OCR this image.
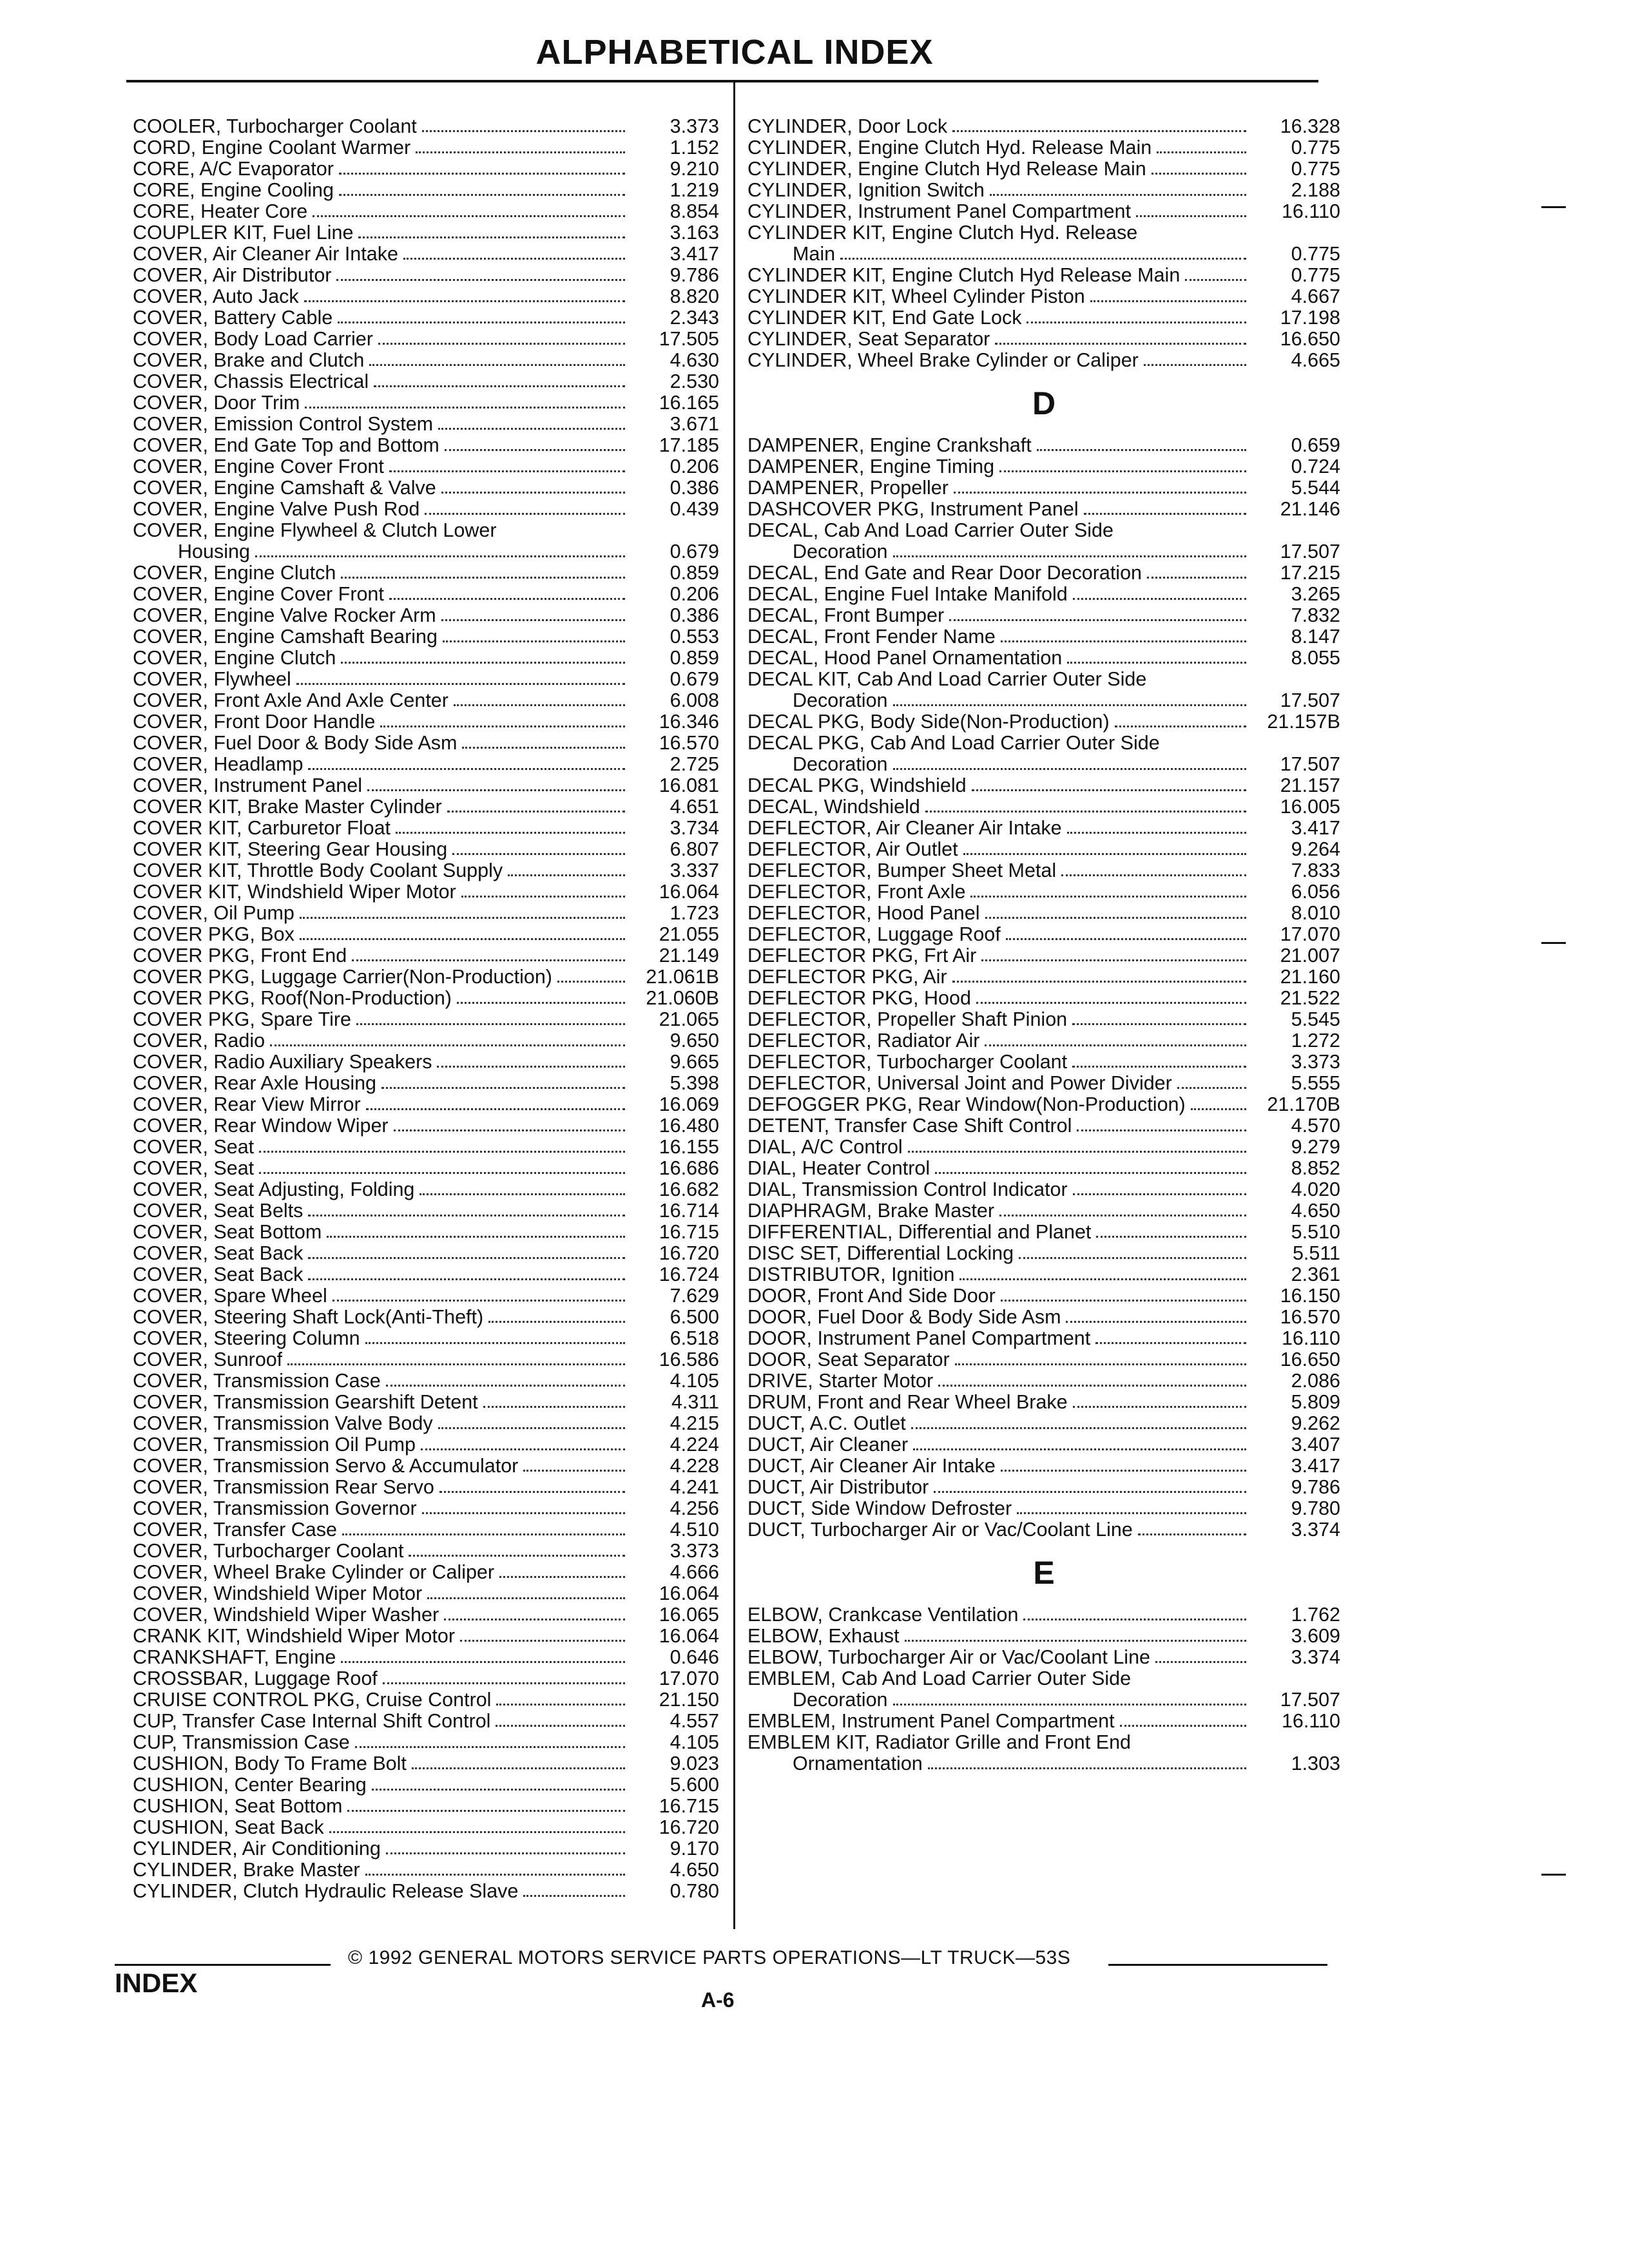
ALPHABETICAL INDEX
COOLER, Turbocharger Coolant	3.373
CORD, Engine Coolant Warmer	1.152
CORE, A/C Evaporator	9.210
CORE, Engine Cooling	1.219
CORE, Heater Core	8.854
COUPLER KIT, Fuel Line	3.163
COVER, Air Cleaner Air Intake	3.417
COVER, Air Distributor	9.786
COVER, Auto Jack	8.820
COVER, Battery Cable	2.343
COVER, Body Load Carrier	17.505
COVER, Brake and Clutch	4.630
COVER, Chassis Electrical	2.530
COVER, Door Trim	16.165
COVER, Emission Control System	3.671
COVER, End Gate Top and Bottom	17.185
COVER, Engine Cover Front	0.206
COVER, Engine Camshaft & Valve	0.386
COVER, Engine Valve Push Rod	0.439
COVER, Engine Flywheel & Clutch Lower
Housing	0.679
COVER, Engine Clutch	0.859
COVER, Engine Cover Front	0.206
COVER, Engine Valve Rocker Arm	0.386
COVER, Engine Camshaft Bearing	0.553
COVER, Engine Clutch	0.859
COVER, Flywheel	0.679
COVER, Front Axle And Axle Center	6.008
COVER, Front Door Handle	16.346
COVER, Fuel Door & Body Side Asm	16.570
COVER, Headlamp	2.725
COVER, Instrument Panel	16.081
COVER KIT, Brake Master Cylinder	4.651
COVER KIT, Carburetor Float	3.734
COVER KIT, Steering Gear Housing	6.807
COVER KIT, Throttle Body Coolant Supply	3.337
COVER KIT, Windshield Wiper Motor	16.064
COVER, Oil Pump	1.723
COVER PKG, Box	21.055
COVER PKG, Front End	21.149
COVER PKG, Luggage Carrier(Non-Production)	21.061B
COVER PKG, Roof(Non-Production)	21.060B
COVER PKG, Spare Tire	21.065
COVER, Radio	9.650
COVER, Radio Auxiliary Speakers	9.665
COVER, Rear Axle Housing	5.398
COVER, Rear View Mirror	16.069
COVER, Rear Window Wiper	16.480
COVER, Seat	16.155
COVER, Seat	16.686
COVER, Seat Adjusting, Folding	16.682
COVER, Seat Belts	16.714
COVER, Seat Bottom	16.715
COVER, Seat Back	16.720
COVER, Seat Back	16.724
COVER, Spare Wheel	7.629
COVER, Steering Shaft Lock(Anti-Theft)	6.500
COVER, Steering Column	6.518
COVER, Sunroof	16.586
COVER, Transmission Case	4.105
COVER, Transmission Gearshift Detent	4.311
COVER, Transmission Valve Body	4.215
COVER, Transmission Oil Pump	4.224
COVER, Transmission Servo & Accumulator	4.228
COVER, Transmission Rear Servo	4.241
COVER, Transmission Governor	4.256
COVER, Transfer Case	4.510
COVER, Turbocharger Coolant	3.373
COVER, Wheel Brake Cylinder or Caliper	4.666
COVER, Windshield Wiper Motor	16.064
COVER, Windshield Wiper Washer	16.065
CRANK KIT, Windshield Wiper Motor	16.064
CRANKSHAFT, Engine	0.646
CROSSBAR, Luggage Roof	17.070
CRUISE CONTROL PKG, Cruise Control	21.150
CUP, Transfer Case Internal Shift Control	4.557
CUP, Transmission Case	4.105
CUSHION, Body To Frame Bolt	9.023
CUSHION, Center Bearing	5.600
CUSHION, Seat Bottom	16.715
CUSHION, Seat Back	16.720
CYLINDER, Air Conditioning	9.170
CYLINDER, Brake Master	4.650
CYLINDER, Clutch Hydraulic Release Slave	0.780
CYLINDER, Door Lock	16.328
CYLINDER, Engine Clutch Hyd. Release Main	0.775
CYLINDER, Engine Clutch Hyd Release Main	0.775
CYLINDER, Ignition Switch	2.188
CYLINDER, Instrument Panel Compartment	16.110
CYLINDER KIT, Engine Clutch Hyd. Release
Main	0.775
CYLINDER KIT, Engine Clutch Hyd Release Main	0.775
CYLINDER KIT, Wheel Cylinder Piston	4.667
CYLINDER KIT, End Gate Lock	17.198
CYLINDER, Seat Separator	16.650
CYLINDER, Wheel Brake Cylinder or Caliper	4.665
D
DAMPENER, Engine Crankshaft	0.659
DAMPENER, Engine Timing	0.724
DAMPENER, Propeller	5.544
DASHCOVER PKG, Instrument Panel	21.146
DECAL, Cab And Load Carrier Outer Side
Decoration	17.507
DECAL, End Gate and Rear Door Decoration	17.215
DECAL, Engine Fuel Intake Manifold	3.265
DECAL, Front Bumper	7.832
DECAL, Front Fender Name	8.147
DECAL, Hood Panel Ornamentation	8.055
DECAL KIT, Cab And Load Carrier Outer Side
Decoration	17.507
DECAL PKG, Body Side(Non-Production)	21.157B
DECAL PKG, Cab And Load Carrier Outer Side
Decoration	17.507
DECAL PKG, Windshield	21.157
DECAL, Windshield	16.005
DEFLECTOR, Air Cleaner Air Intake	3.417
DEFLECTOR, Air Outlet	9.264
DEFLECTOR, Bumper Sheet Metal	7.833
DEFLECTOR, Front Axle	6.056
DEFLECTOR, Hood Panel	8.010
DEFLECTOR, Luggage Roof	17.070
DEFLECTOR PKG, Frt Air	21.007
DEFLECTOR PKG, Air	21.160
DEFLECTOR PKG, Hood	21.522
DEFLECTOR, Propeller Shaft Pinion	5.545
DEFLECTOR, Radiator Air	1.272
DEFLECTOR, Turbocharger Coolant	3.373
DEFLECTOR, Universal Joint and Power Divider	5.555
DEFOGGER PKG, Rear Window(Non-Production)	21.170B
DETENT, Transfer Case Shift Control	4.570
DIAL, A/C Control	9.279
DIAL, Heater Control	8.852
DIAL, Transmission Control Indicator	4.020
DIAPHRAGM, Brake Master	4.650
DIFFERENTIAL, Differential and Planet	5.510
DISC SET, Differential Locking	5.511
DISTRIBUTOR, Ignition	2.361
DOOR, Front And Side Door	16.150
DOOR, Fuel Door & Body Side Asm	16.570
DOOR, Instrument Panel Compartment	16.110
DOOR, Seat Separator	16.650
DRIVE, Starter Motor	2.086
DRUM, Front and Rear Wheel Brake	5.809
DUCT, A.C. Outlet	9.262
DUCT, Air Cleaner	3.407
DUCT, Air Cleaner Air Intake	3.417
DUCT, Air Distributor	9.786
DUCT, Side Window Defroster	9.780
DUCT, Turbocharger Air or Vac/Coolant Line	3.374
E
ELBOW, Crankcase Ventilation	1.762
ELBOW, Exhaust	3.609
ELBOW, Turbocharger Air or Vac/Coolant Line	3.374
EMBLEM, Cab And Load Carrier Outer Side
Decoration	17.507
EMBLEM, Instrument Panel Compartment	16.110
EMBLEM KIT, Radiator Grille and Front End
Ornamentation	1.303
© 1992 GENERAL MOTORS SERVICE PARTS OPERATIONS—LT TRUCK—53S
INDEX
A-6
